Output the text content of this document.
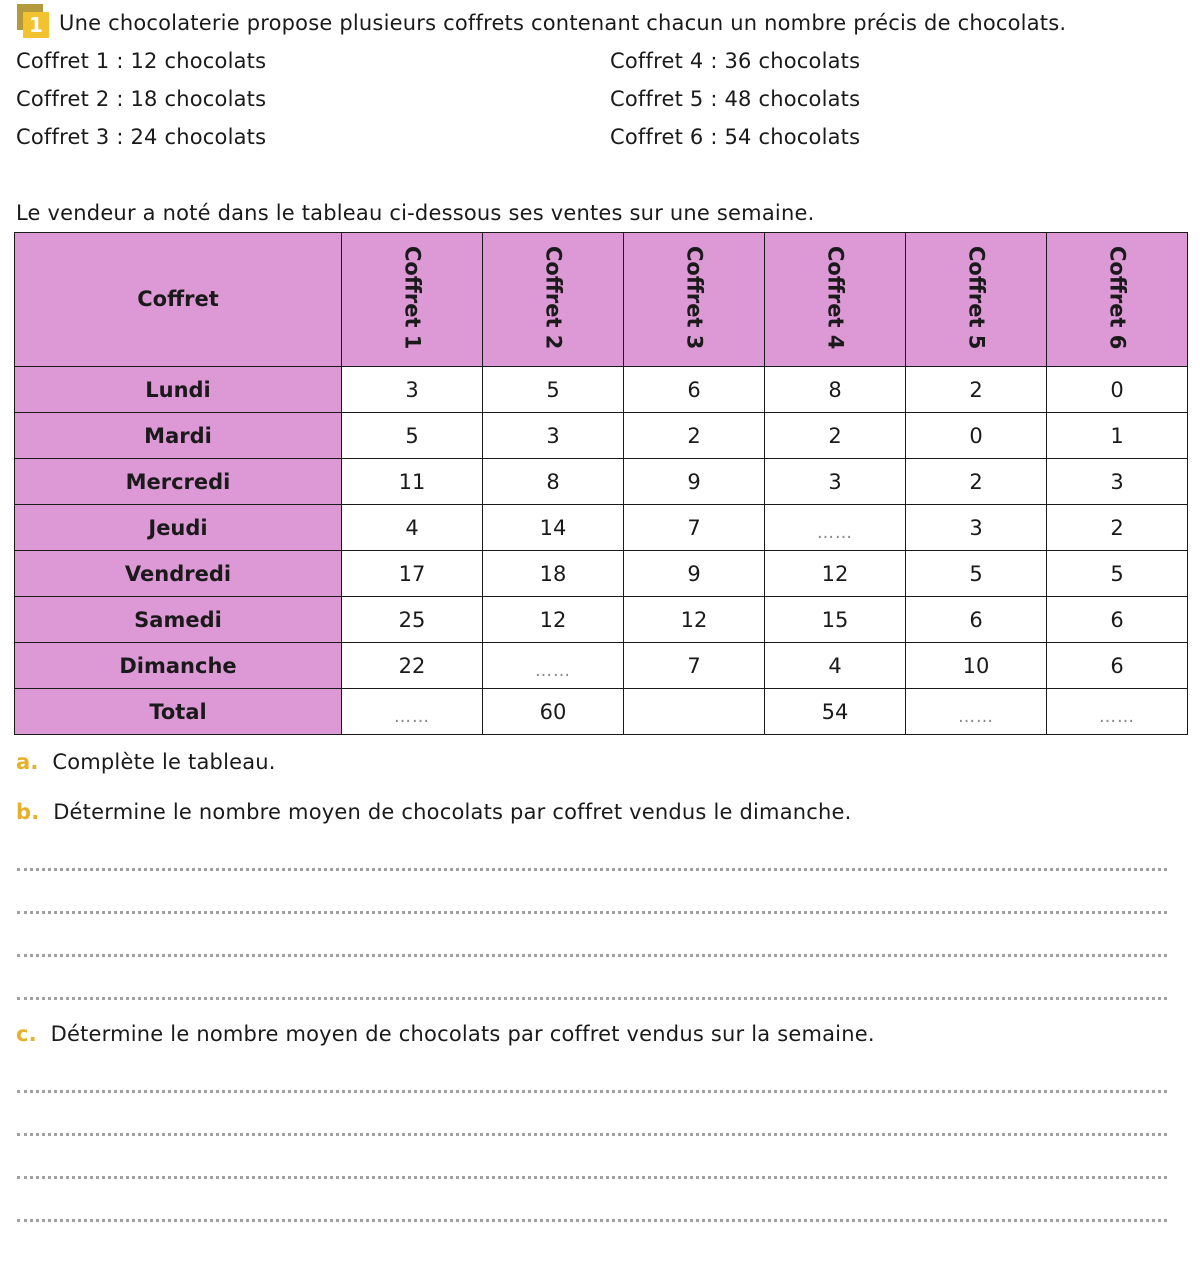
1 Une chocolaterie propose plusieurs coffrets contenant chacun un nombre précis de chocolats.
Coffret 1 : 12 chocolats
Coffret 2 : 18 chocolats
Coffret 3 : 24 chocolats
Coffret 4 : 36 chocolats
Coffret 5 : 48 chocolats
Coffret 6 : 54 chocolats
Le vendeur a noté dans le tableau ci-dessous ses ventes sur une semaine.
Coffret	Coffret 1	Coffret 2	Coffret 3	Coffret 4	Coffret 5	Coffret 6
Lundi	3	5	6	8	2	0
Mardi	5	3	2	2	0	1
Mercredi	11	8	9	3	2	3
Jeudi	4	14	7	……	3	2
Vendredi	17	18	9	12	5	5
Samedi	25	12	12	15	6	6
Dimanche	22	……	7	4	10	6
Total	……	60		54	……	……
a. Complète le tableau.
b. Détermine le nombre moyen de chocolats par coffret vendus le dimanche.
c. Détermine le nombre moyen de chocolats par coffret vendus sur la semaine.
